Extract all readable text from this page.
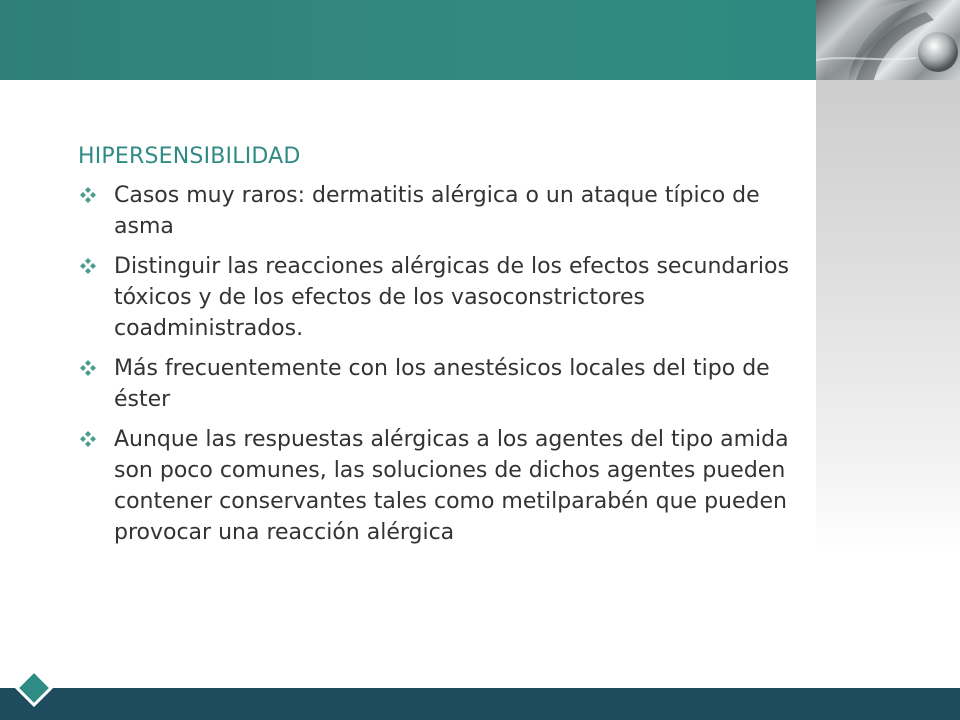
HIPERSENSIBILIDAD
Casos muy raros: dermatitis alérgica o un ataque típico de asma
Distinguir las reacciones alérgicas de los efectos secundarios tóxicos y de los efectos de los vasoconstrictores coadministrados.
Más frecuentemente con los anestésicos locales del tipo de éster
Aunque las respuestas alérgicas a los agentes del tipo amida son poco comunes, las soluciones de dichos agentes pueden contener conservantes tales como metilparabén que pueden provocar una reacción alérgica
